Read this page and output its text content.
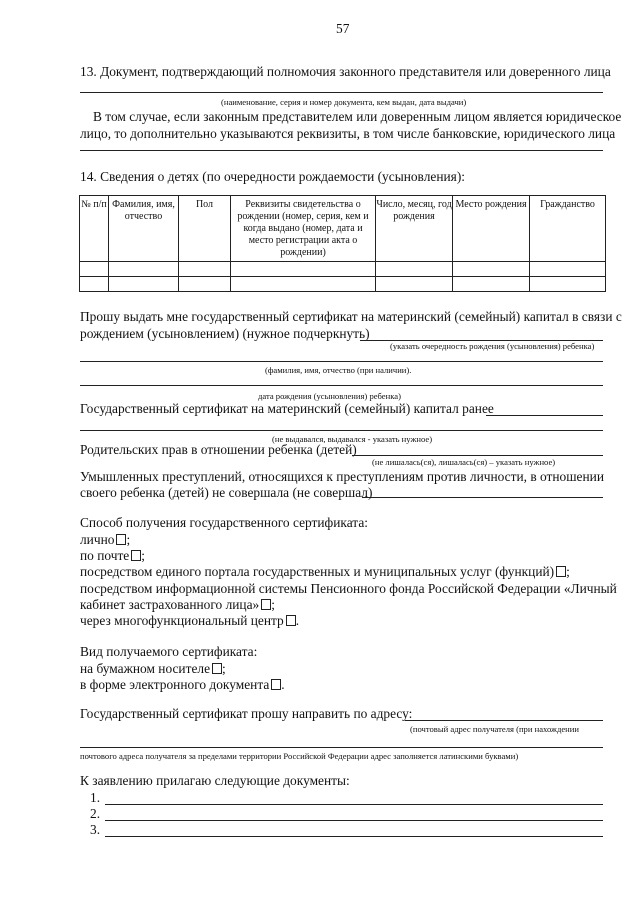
57
13. Документ, подтверждающий полномочия законного представителя или доверенного лица
(наименование, серия и номер документа, кем выдан, дата выдачи)
В том случае, если законным представителем или доверенным лицом является юридическое
лицо, то дополнительно указываются реквизиты, в том числе банковские, юридического лица
14. Сведения о детях (по очередности рождаемости (усыновления):
№ п/п	Фамилия, имя, отчество	Пол	Реквизиты свидетельства о рождении (номер, серия, кем и когда выдано (номер, дата и место регистрации акта о рождении)	Число, месяц, год рождения	Место рождения	Гражданство

Прошу выдать мне государственный сертификат на материнский (семейный) капитал в связи с
рождением (усыновлением) (нужное подчеркнуть)
(указать очередность рождения (усыновления) ребенка)
(фамилия, имя, отчество (при наличии).
дата рождения (усыновления) ребенка)
Государственный сертификат на материнский (семейный) капитал ранее
(не выдавался, выдавался - указать нужное)
Родительских прав в отношении ребенка (детей)
(не лишалась(ся), лишалась(ся) – указать нужное)
Умышленных преступлений, относящихся к преступлениям против личности, в отношении
своего ребенка (детей) не совершала (не совершал)
Способ получения государственного сертификата:
лично ;
по почте ;
посредством единого портала государственных и муниципальных услуг (функций) ;
посредством информационной системы Пенсионного фонда Российской Федерации «Личный
кабинет застрахованного лица» ;
через многофункциональный центр .
Вид получаемого сертификата:
на бумажном носителе ;
в форме электронного документа .
Государственный сертификат прошу направить по адресу:
(почтовый адрес получателя (при нахождении
почтового адреса получателя за пределами территории Российской Федерации адрес заполняется латинскими буквами)
К заявлению прилагаю следующие документы:
1.
2.
3.
